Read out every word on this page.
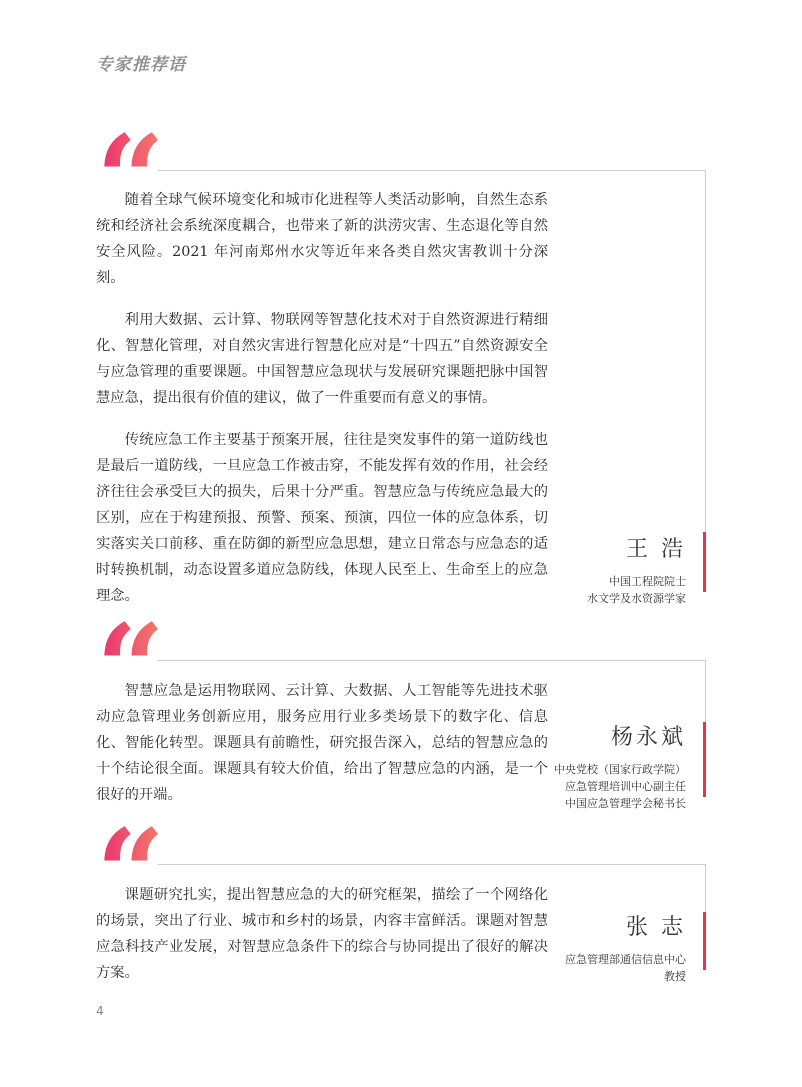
专家推荐语

随着全球气候环境变化和城市化进程等人类活动影响，自然生态系统和经济社会系统深度耦合，也带来了新的洪涝灾害、生态退化等自然安全风险。2021 年河南郑州水灾等近年来各类自然灾害教训十分深刻。

利用大数据、云计算、物联网等智慧化技术对于自然资源进行精细化、智慧化管理，对自然灾害进行智慧化应对是“十四五”自然资源安全与应急管理的重要课题。中国智慧应急现状与发展研究课题把脉中国智慧应急，提出很有价值的建议，做了一件重要而有意义的事情。

传统应急工作主要基于预案开展，往往是突发事件的第一道防线也是最后一道防线，一旦应急工作被击穿，不能发挥有效的作用，社会经济往往会承受巨大的损失，后果十分严重。智慧应急与传统应急最大的区别，应在于构建预报、预警、预案、预演，四位一体的应急体系，切实落实关口前移、重在防御的新型应急思想，建立日常态与应急态的适时转换机制，动态设置多道应急防线，体现人民至上、生命至上的应急理念。

王 浩
中国工程院院士
水文学及水资源学家

智慧应急是运用物联网、云计算、大数据、人工智能等先进技术驱动应急管理业务创新应用，服务应用行业多类场景下的数字化、信息化、智能化转型。课题具有前瞻性，研究报告深入，总结的智慧应急的十个结论很全面。课题具有较大价值，给出了智慧应急的内涵，是一个很好的开端。

杨永斌
中央党校（国家行政学院）
应急管理培训中心副主任
中国应急管理学会秘书长

课题研究扎实，提出智慧应急的大的研究框架，描绘了一个网络化的场景，突出了行业、城市和乡村的场景，内容丰富鲜活。课题对智慧应急科技产业发展，对智慧应急条件下的综合与协同提出了很好的解决方案。

张 志
应急管理部通信信息中心
教授
4
